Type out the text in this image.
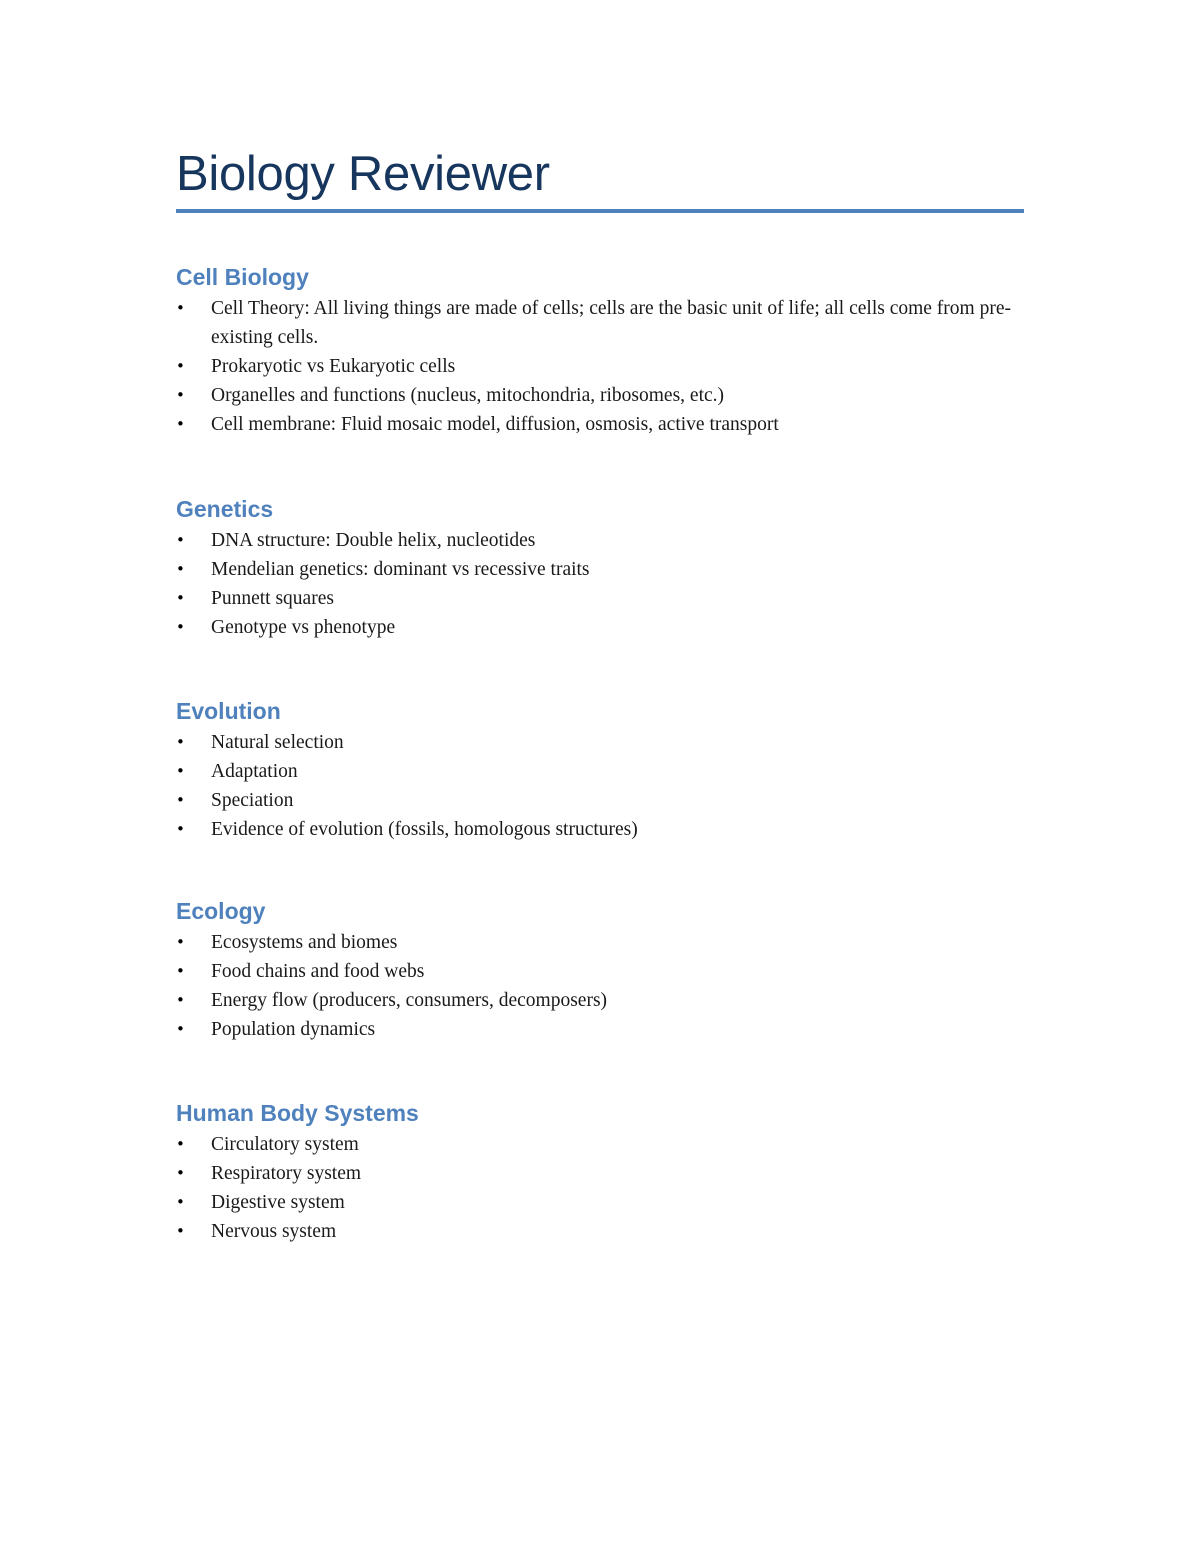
Biology Reviewer
Cell Biology
•	Cell Theory: All living things are made of cells; cells are the basic unit of life; all cells come from pre-existing cells.
•	Prokaryotic vs Eukaryotic cells
•	Organelles and functions (nucleus, mitochondria, ribosomes, etc.)
•	Cell membrane: Fluid mosaic model, diffusion, osmosis, active transport
Genetics
•	DNA structure: Double helix, nucleotides
•	Mendelian genetics: dominant vs recessive traits
•	Punnett squares
•	Genotype vs phenotype
Evolution
•	Natural selection
•	Adaptation
•	Speciation
•	Evidence of evolution (fossils, homologous structures)
Ecology
•	Ecosystems and biomes
•	Food chains and food webs
•	Energy flow (producers, consumers, decomposers)
•	Population dynamics
Human Body Systems
•	Circulatory system
•	Respiratory system
•	Digestive system
•	Nervous system
